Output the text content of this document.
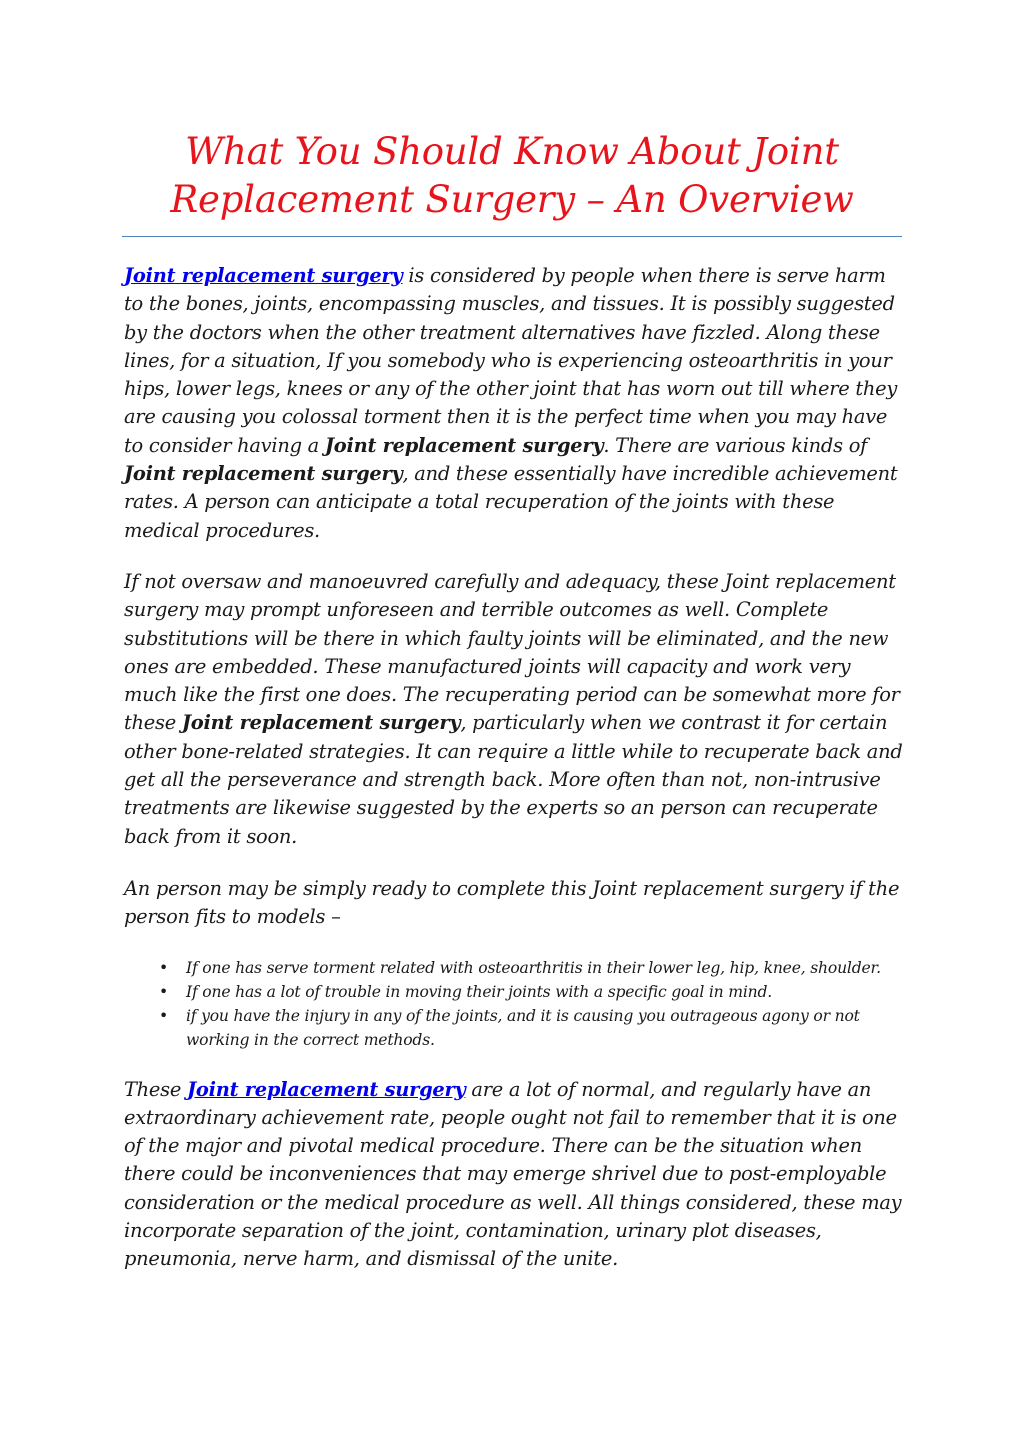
What You Should Know About Joint
Replacement Surgery – An Overview

Joint replacement surgery is considered by people when there is serve harm to the bones, joints, encompassing muscles, and tissues. It is possibly suggested by the doctors when the other treatment alternatives have fizzled. Along these lines, for a situation, If you somebody who is experiencing osteoarthritis in your hips, lower legs, knees or any of the other joint that has worn out till where they are causing you colossal torment then it is the perfect time when you may have to consider having a Joint replacement surgery. There are various kinds of Joint replacement surgery, and these essentially have incredible achievement rates. A person can anticipate a total recuperation of the joints with these medical procedures.

If not oversaw and manoeuvred carefully and adequacy, these Joint replacement surgery may prompt unforeseen and terrible outcomes as well. Complete substitutions will be there in which faulty joints will be eliminated, and the new ones are embedded. These manufactured joints will capacity and work very much like the first one does. The recuperating period can be somewhat more for these Joint replacement surgery, particularly when we contrast it for certain other bone-related strategies. It can require a little while to recuperate back and get all the perseverance and strength back. More often than not, non-intrusive treatments are likewise suggested by the experts so an person can recuperate back from it soon.

An person may be simply ready to complete this Joint replacement surgery if the person fits to models –

• If one has serve torment related with osteoarthritis in their lower leg, hip, knee, shoulder.
• If one has a lot of trouble in moving their joints with a specific goal in mind.
• if you have the injury in any of the joints, and it is causing you outrageous agony or not working in the correct methods.

These Joint replacement surgery are a lot of normal, and regularly have an extraordinary achievement rate, people ought not fail to remember that it is one of the major and pivotal medical procedure. There can be the situation when there could be inconveniences that may emerge shrivel due to post-employable consideration or the medical procedure as well. All things considered, these may incorporate separation of the joint, contamination, urinary plot diseases, pneumonia, nerve harm, and dismissal of the unite.
